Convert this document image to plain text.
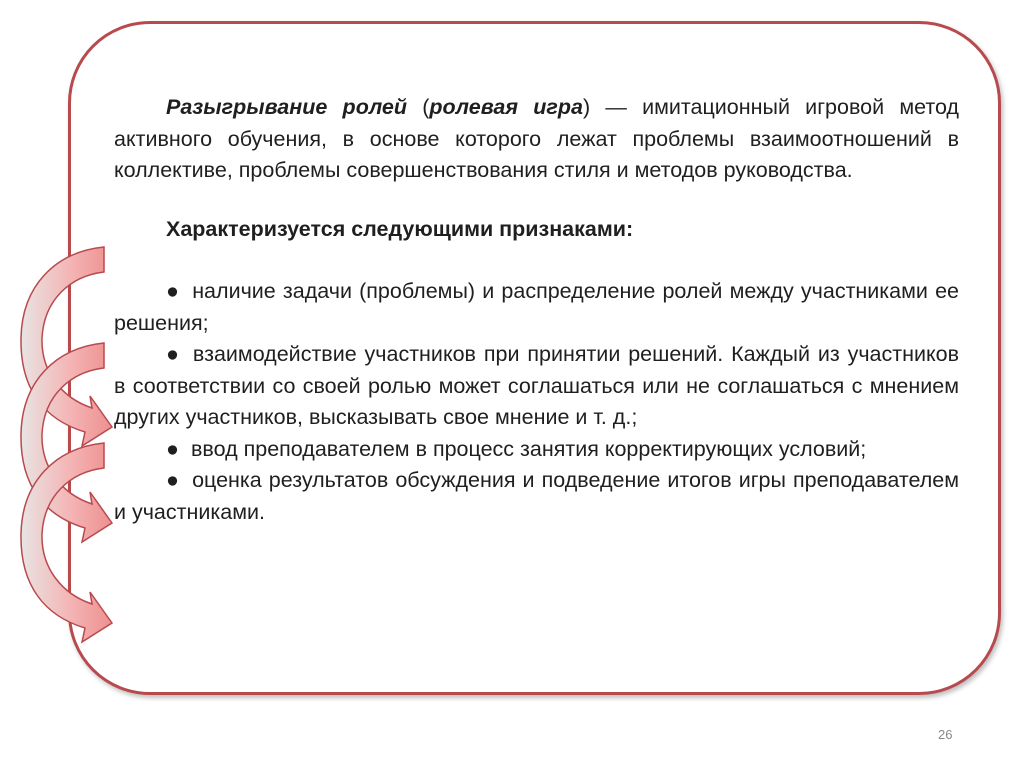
Разыгрывание ролей (ролевая игра) — имитационный игровой метод активного обучения, в основе которого лежат проблемы взаимоотношений в коллективе, проблемы совершенствования стиля и методов руководства.

Характеризуется следующими признаками:

● наличие задачи (проблемы) и распределение ролей между участниками ее решения;
● взаимодействие участников при принятии решений. Каждый из участников в соответствии со своей ролью может соглашаться или не соглашаться с мнением других участников, высказывать свое мнение и т. д.;
● ввод преподавателем в процесс занятия корректирующих условий;
● оценка результатов обсуждения и подведение итогов игры преподавателем и участниками.
26
